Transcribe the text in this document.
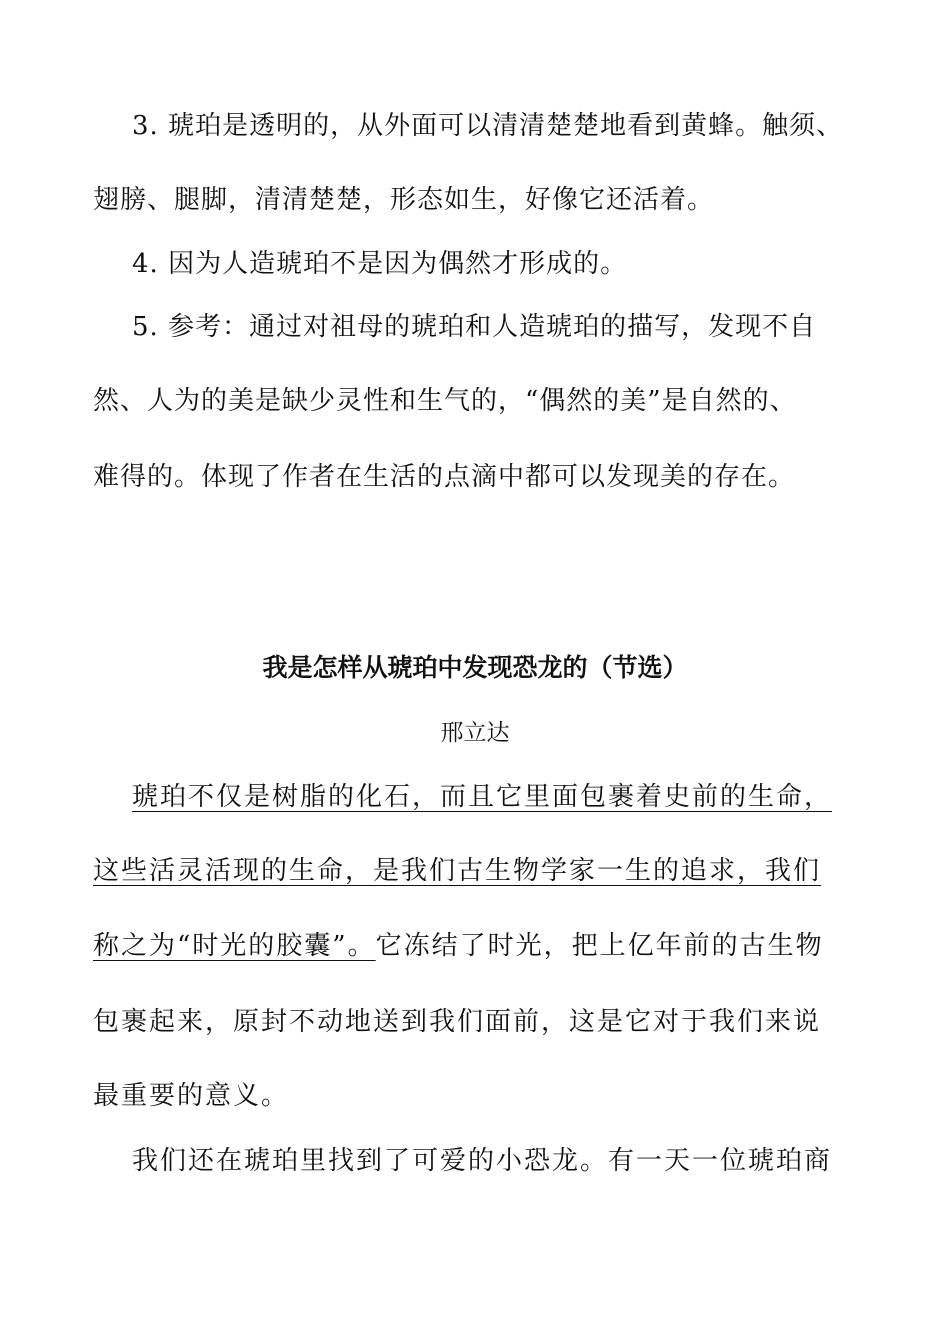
3. 琥珀是透明的，从外面可以清清楚楚地看到黄蜂。触须、
翅膀、腿脚，清清楚楚，形态如生，好像它还活着。
4. 因为人造琥珀不是因为偶然才形成的。
5. 参考：通过对祖母的琥珀和人造琥珀的描写，发现不自
然、人为的美是缺少灵性和生气的，“偶然的美”是自然的、
难得的。体现了作者在生活的点滴中都可以发现美的存在。
我是怎样从琥珀中发现恐龙的（节选）
邢立达
琥珀不仅是树脂的化石，而且它里面包裹着史前的生命，
这些活灵活现的生命，是我们古生物学家一生的追求，我们
称之为“时光的胶囊”。它冻结了时光，把上亿年前的古生物
包裹起来，原封不动地送到我们面前，这是它对于我们来说
最重要的意义。
我们还在琥珀里找到了可爱的小恐龙。有一天一位琥珀商
